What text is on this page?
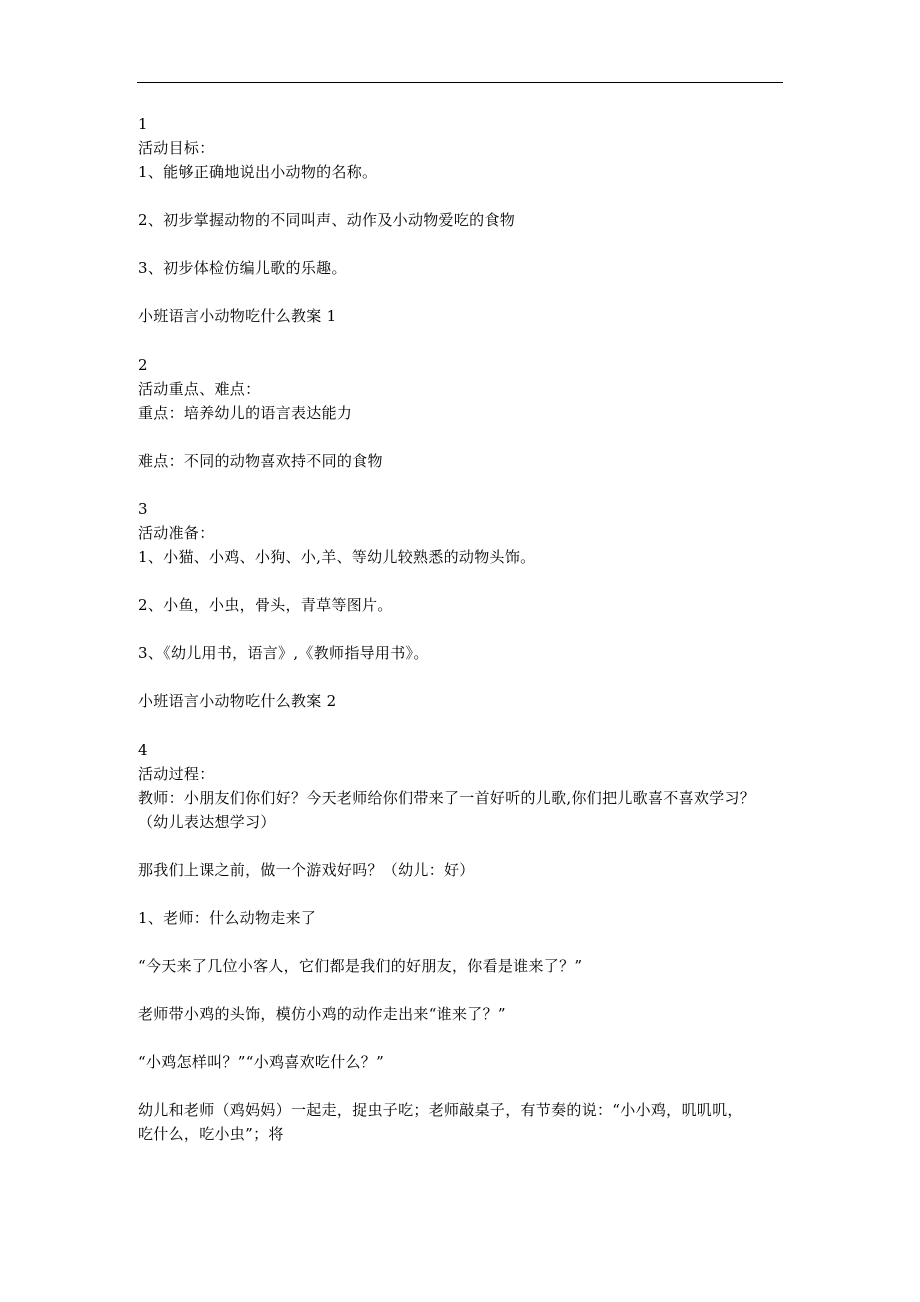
1

活动目标：

1、能够正确地说出小动物的名称。

2、初步掌握动物的不同叫声、动作及小动物爱吃的食物

3、初步体检仿编儿歌的乐趣。

小班语言小动物吃什么教案 1

2

活动重点、难点：

重点：培养幼儿的语言表达能力

难点：不同的动物喜欢持不同的食物

3

活动准备：

1、小猫、小鸡、小狗、小,羊、等幼儿较熟悉的动物头饰。

2、小鱼，小虫，骨头，青草等图片。

3、《幼儿用书，语言》,《教师指导用书》。

小班语言小动物吃什么教案 2

4

活动过程：

教师：小朋友们你们好？今天老师给你们带来了一首好听的儿歌,你们把儿歌喜不喜欢学习？

（幼儿表达想学习）

那我们上课之前，做一个游戏好吗？（幼儿：好）

1、老师：什么动物走来了

“今天来了几位小客人，它们都是我们的好朋友，你看是谁来了？”

老师带小鸡的头饰，模仿小鸡的动作走出来“谁来了？”

“小鸡怎样叫？”“小鸡喜欢吃什么？”

幼儿和老师（鸡妈妈）一起走，捉虫子吃；老师敲桌子，有节奏的说：“小小鸡，叽叽叽，

吃什么，吃小虫”；将
